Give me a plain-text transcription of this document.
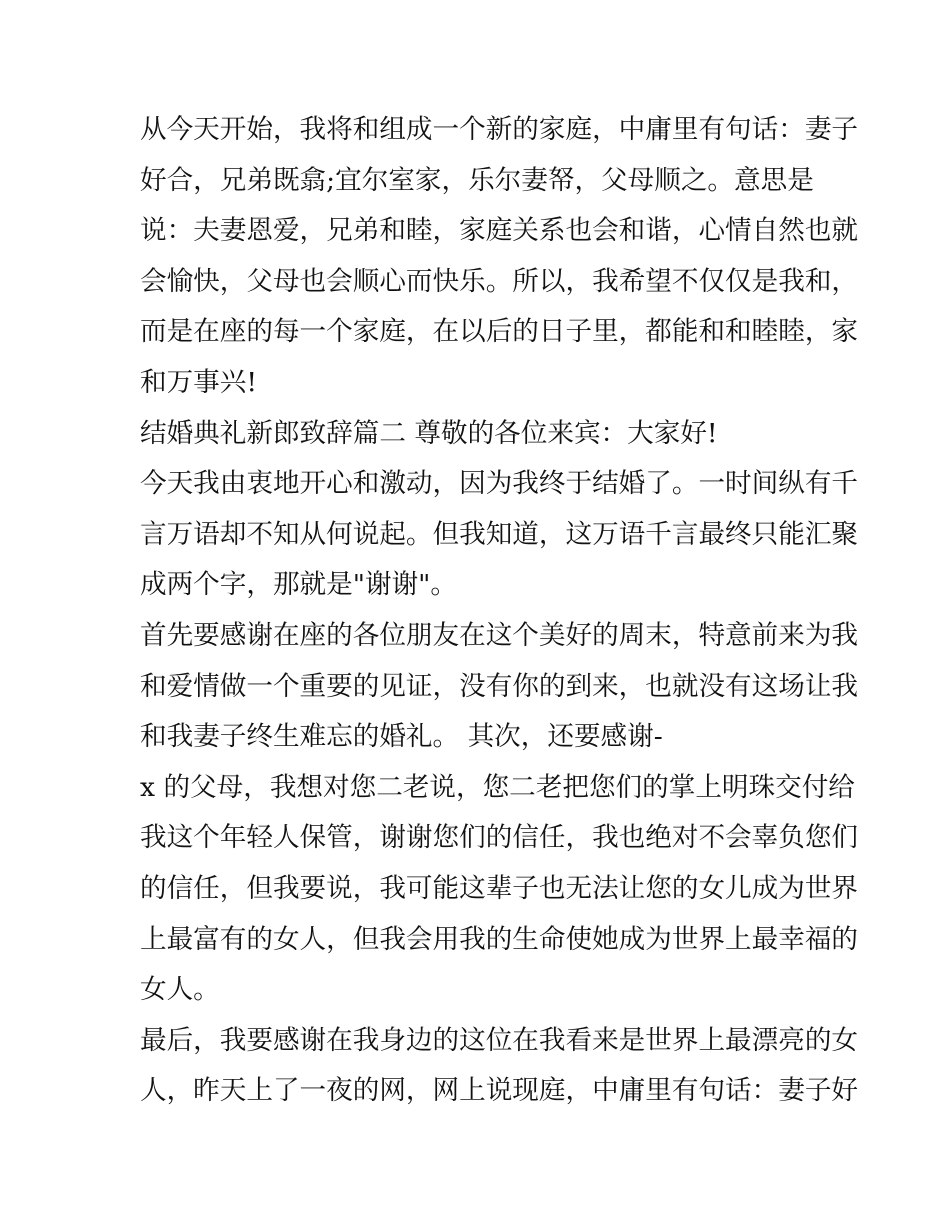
从今天开始，我将和组成一个新的家庭，中庸里有句话：妻子
好合，兄弟既翕;宜尔室家，乐尔妻帑，父母顺之。意思是
说：夫妻恩爱，兄弟和睦，家庭关系也会和谐，心情自然也就
会愉快，父母也会顺心而快乐。所以，我希望不仅仅是我和，
而是在座的每一个家庭，在以后的日子里，都能和和睦睦，家
和万事兴!
结婚典礼新郎致辞篇二 尊敬的各位来宾：大家好!
今天我由衷地开心和激动，因为我终于结婚了。一时间纵有千
言万语却不知从何说起。但我知道，这万语千言最终只能汇聚
成两个字，那就是"谢谢"。
首先要感谢在座的各位朋友在这个美好的周末，特意前来为我
和爱情做一个重要的见证，没有你的到来，也就没有这场让我
和我妻子终生难忘的婚礼。 其次，还要感谢-
x 的父母，我想对您二老说，您二老把您们的掌上明珠交付给
我这个年轻人保管，谢谢您们的信任，我也绝对不会辜负您们
的信任，但我要说，我可能这辈子也无法让您的女儿成为世界
上最富有的女人，但我会用我的生命使她成为世界上最幸福的
女人。
最后，我要感谢在我身边的这位在我看来是世界上最漂亮的女
人，昨天上了一夜的网，网上说现庭，中庸里有句话：妻子好
